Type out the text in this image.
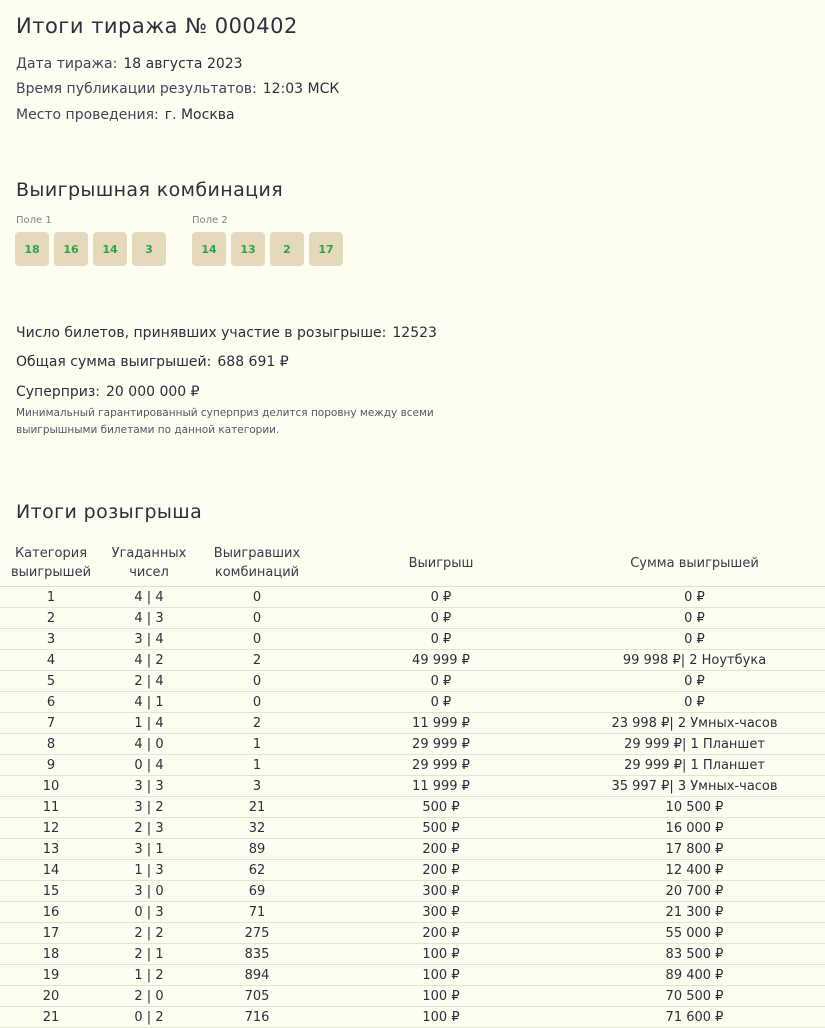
Итоги тиража № 000402
Дата тиража: 18 августа 2023
Время публикации результатов: 12:03 МСК
Место проведения: г. Москва
Выигрышная комбинация
Поле 1
18	16	14	3
Поле 2
14	13	2	17
Число билетов, принявших участие в розыгрыше: 12523
Общая сумма выигрышей: 688 691 ₽
Суперприз: 20 000 000 ₽
Минимальный гарантированный суперприз делится поровну между всеми выигрышными билетами по данной категории.
Итоги розыгрыша
Категория выигрышей	Угаданных чисел	Выигравших комбинаций	Выигрыш	Сумма выигрышей
1	4 | 4	0	0 ₽	0 ₽
2	4 | 3	0	0 ₽	0 ₽
3	3 | 4	0	0 ₽	0 ₽
4	4 | 2	2	49 999 ₽	99 998 ₽| 2 Ноутбука
5	2 | 4	0	0 ₽	0 ₽
6	4 | 1	0	0 ₽	0 ₽
7	1 | 4	2	11 999 ₽	23 998 ₽| 2 Умных-часов
8	4 | 0	1	29 999 ₽	29 999 ₽| 1 Планшет
9	0 | 4	1	29 999 ₽	29 999 ₽| 1 Планшет
10	3 | 3	3	11 999 ₽	35 997 ₽| 3 Умных-часов
11	3 | 2	21	500 ₽	10 500 ₽
12	2 | 3	32	500 ₽	16 000 ₽
13	3 | 1	89	200 ₽	17 800 ₽
14	1 | 3	62	200 ₽	12 400 ₽
15	3 | 0	69	300 ₽	20 700 ₽
16	0 | 3	71	300 ₽	21 300 ₽
17	2 | 2	275	200 ₽	55 000 ₽
18	2 | 1	835	100 ₽	83 500 ₽
19	1 | 2	894	100 ₽	89 400 ₽
20	2 | 0	705	100 ₽	70 500 ₽
21	0 | 2	716	100 ₽	71 600 ₽
